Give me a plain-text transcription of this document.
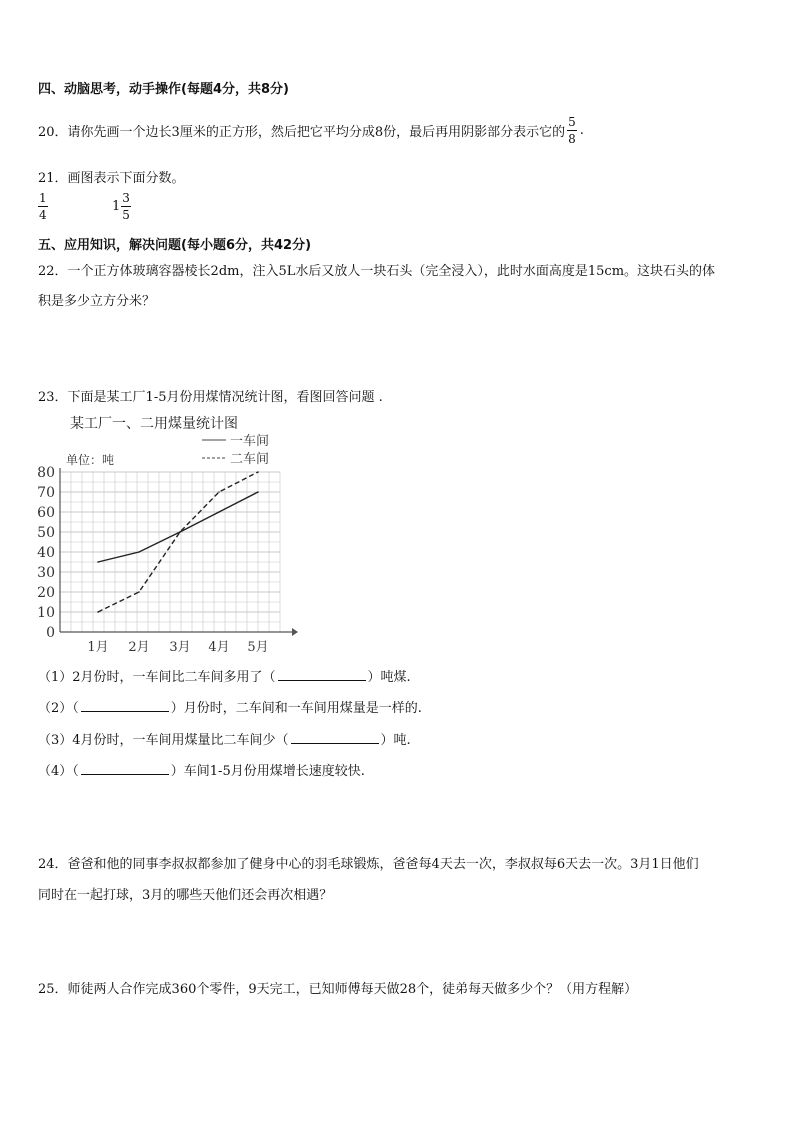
四、动脑思考，动手操作(每题4分，共8分)
20．请你先画一个边长3厘米的正方形，然后把它平均分成8份，最后再用阴影部分表示它的 $\frac{5}{8}$ .
21．画图表示下面分数。
$\frac{1}{4}$	$1 \frac{3}{5}$
五、应用知识，解决问题(每小题6分，共42分)
22．一个正方体玻璃容器棱长2dm，注入5L水后又放人一块石头（完全浸入），此时水面高度是15cm。这块石头的体
积是多少立方分米？
23．下面是某工厂1-5月份用煤情况统计图，看图回答问题 .
某工厂一、二用煤量统计图
单位：吨
0
10
20
30
40
50
60
70
80
1月 2月 3月 4月 5月
一车间
二车间
（1）2月份时，一车间比二车间多用了（	）吨煤.
（2）（	）月份时，二车间和一车间用煤量是一样的.
（3）4月份时，一车间用煤量比二车间少（	）吨.
（4）（	）车间1-5月份用煤增长速度较快.
24．爸爸和他的同事李叔叔都参加了健身中心的羽毛球锻炼，爸爸每4天去一次，李叔叔每6天去一次。3月1日他们
同时在一起打球，3月的哪些天他们还会再次相遇？
25．师徒两人合作完成360个零件，9天完工，已知师傅每天做28个，徒弟每天做多少个？（用方程解）
